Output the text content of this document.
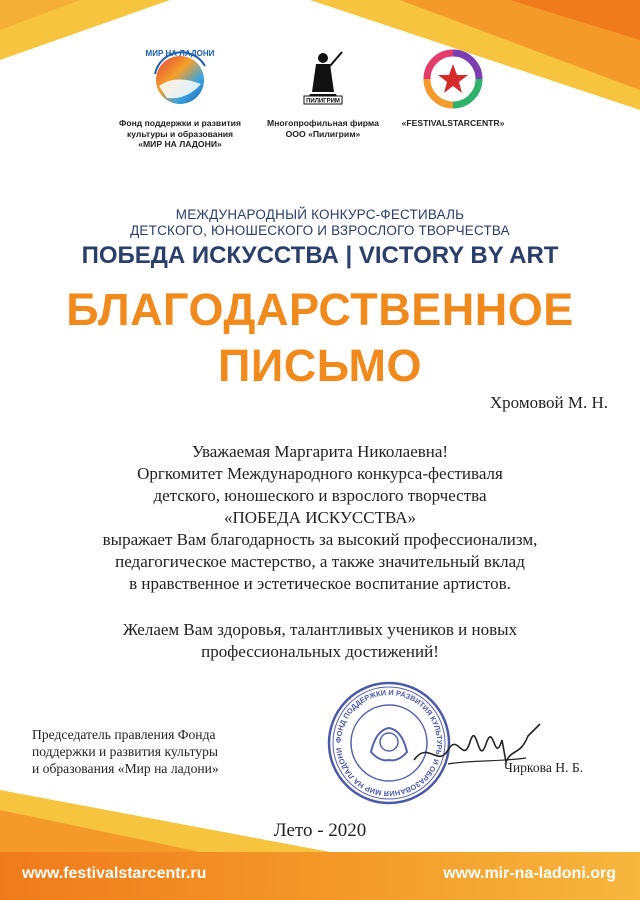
МИР НА ЛАДОНИ
Фонд поддержки и развития
культуры и образования
«МИР НА ЛАДОНИ»
ПИЛИГРИМ
Многопрофильная фирма
ООО «Пилигрим»
«FESTIVALSTARCENTR»
МЕЖДУНАРОДНЫЙ КОНКУРС-ФЕСТИВАЛЬ
ДЕТСКОГО, ЮНОШЕСКОГО И ВЗРОСЛОГО ТВОРЧЕСТВА
ПОБЕДА ИСКУССТВА | VICTORY BY ART
БЛАГОДАРСТВЕННОЕ
ПИСЬМО
Хромовой М. Н.

Уважаемая Маргарита Николаевна!

Оргкомитет Международного конкурса-фестиваля

детского, юношеского и взрослого творчества

«ПОБЕДА ИСКУССТВА»

выражает Вам благодарность за высокий профессионализм,

педагогическое мастерство, а также значительный вклад

в нравственное и эстетическое воспитание артистов.

Желаем Вам здоровья, талантливых учеников и новых
профессиональных достижений!
Председатель правления Фонда
поддержки и развития культуры
и образования «Мир на ладони»
ФОНД ПОДДЕРЖКИ И РАЗВИТИЯ КУЛЬТУРЫ И ОБРАЗОВАНИЯ МИР НА ЛАДОНИ
Чиркова Н. Б.
Лето - 2020
www.festivalstarcentr.ru	www.mir-na-ladoni.org
